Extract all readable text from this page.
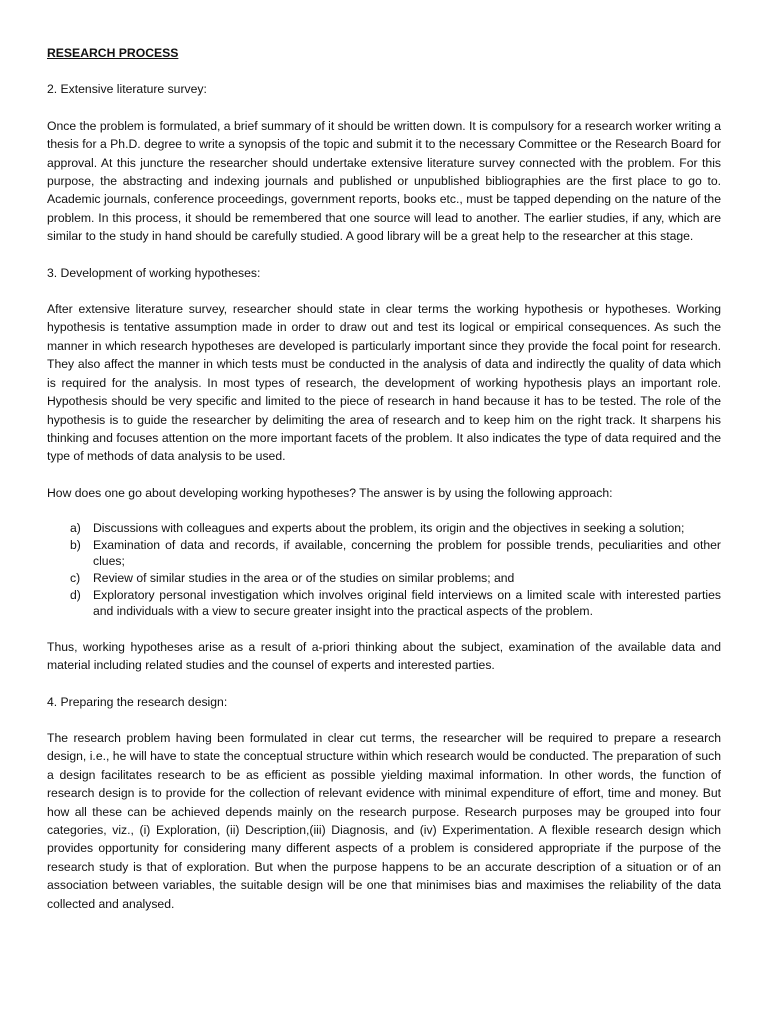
RESEARCH PROCESS
2. Extensive literature survey:

Once the problem is formulated, a brief summary of it should be written down. It is compulsory for a research worker writing a thesis for a Ph.D. degree to write a synopsis of the topic and submit it to the necessary Committee or the Research Board for approval. At this juncture the researcher should undertake extensive literature survey connected with the problem. For this purpose, the abstracting and indexing journals and published or unpublished bibliographies are the first place to go to. Academic journals, conference proceedings, government reports, books etc., must be tapped depending on the nature of the problem. In this process, it should be remembered that one source will lead to another. The earlier studies, if any, which are similar to the study in hand should be carefully studied. A good library will be a great help to the researcher at this stage.

3. Development of working hypotheses:

After extensive literature survey, researcher should state in clear terms the working hypothesis or hypotheses. Working hypothesis is tentative assumption made in order to draw out and test its logical or empirical consequences. As such the manner in which research hypotheses are developed is particularly important since they provide the focal point for research. They also affect the manner in which tests must be conducted in the analysis of data and indirectly the quality of data which is required for the analysis. In most types of research, the development of working hypothesis plays an important role. Hypothesis should be very specific and limited to the piece of research in hand because it has to be tested. The role of the hypothesis is to guide the researcher by delimiting the area of research and to keep him on the right track. It sharpens his thinking and focuses attention on the more important facets of the problem. It also indicates the type of data required and the type of methods of data analysis to be used.

How does one go about developing working hypotheses? The answer is by using the following approach:

a) Discussions with colleagues and experts about the problem, its origin and the objectives in seeking a solution;
b) Examination of data and records, if available, concerning the problem for possible trends, peculiarities and other clues;
c) Review of similar studies in the area or of the studies on similar problems; and
d) Exploratory personal investigation which involves original field interviews on a limited scale with interested parties and individuals with a view to secure greater insight into the practical aspects of the problem.

Thus, working hypotheses arise as a result of a-priori thinking about the subject, examination of the available data and material including related studies and the counsel of experts and interested parties.

4. Preparing the research design:

The research problem having been formulated in clear cut terms, the researcher will be required to prepare a research design, i.e., he will have to state the conceptual structure within which research would be conducted. The preparation of such a design facilitates research to be as efficient as possible yielding maximal information. In other words, the function of research design is to provide for the collection of relevant evidence with minimal expenditure of effort, time and money. But how all these can be achieved depends mainly on the research purpose. Research purposes may be grouped into four categories, viz., (i) Exploration, (ii) Description,(iii) Diagnosis, and (iv) Experimentation. A flexible research design which provides opportunity for considering many different aspects of a problem is considered appropriate if the purpose of the research study is that of exploration. But when the purpose happens to be an accurate description of a situation or of an association between variables, the suitable design will be one that minimises bias and maximises the reliability of the data collected and analysed.
